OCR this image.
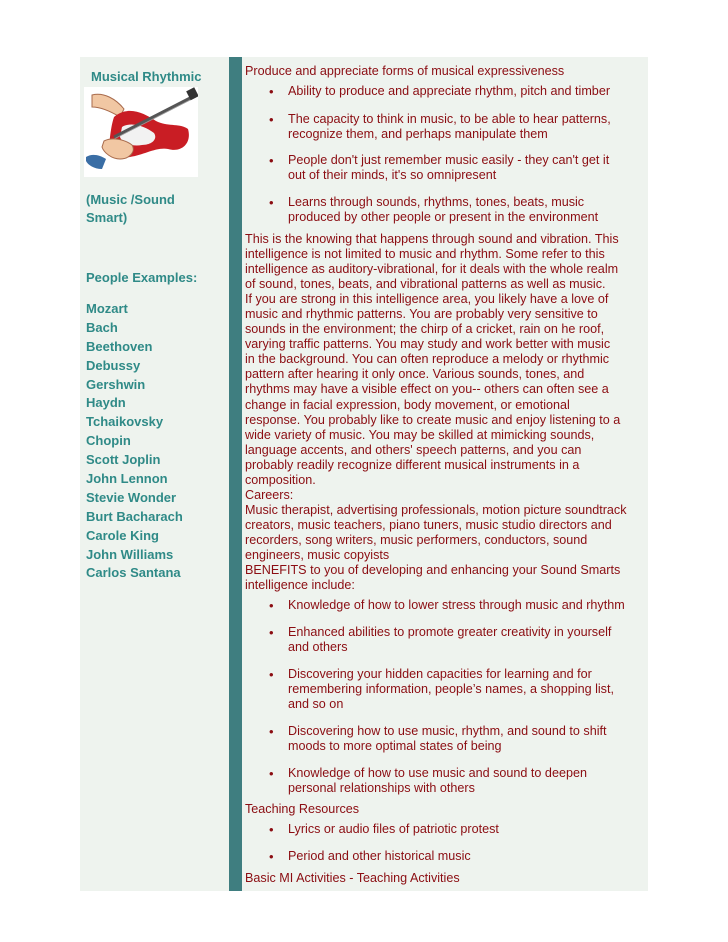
Musical Rhythmic
(Music /Sound
Smart)
People Examples:
Mozart
Bach
Beethoven
Debussy
Gershwin
Haydn
Tchaikovsky
Chopin
Scott Joplin
John Lennon
Stevie Wonder
Burt Bacharach
Carole King
John Williams
Carlos Santana
Produce and appreciate forms of musical expressiveness
• Ability to produce and appreciate rhythm, pitch and timber
• The capacity to think in music, to be able to hear patterns,
recognize them, and perhaps manipulate them
• People don't just remember music easily - they can't get it
out of their minds, it's so omnipresent
• Learns through sounds, rhythms, tones, beats, music
produced by other people or present in the environment
This is the knowing that happens through sound and vibration. This
intelligence is not limited to music and rhythm. Some refer to this
intelligence as auditory-vibrational, for it deals with the whole realm
of sound, tones, beats, and vibrational patterns as well as music.
If you are strong in this intelligence area, you likely have a love of
music and rhythmic patterns. You are probably very sensitive to
sounds in the environment; the chirp of a cricket, rain on he roof,
varying traffic patterns. You may study and work better with music
in the background. You can often reproduce a melody or rhythmic
pattern after hearing it only once. Various sounds, tones, and
rhythms may have a visible effect on you-- others can often see a
change in facial expression, body movement, or emotional
response. You probably like to create music and enjoy listening to a
wide variety of music. You may be skilled at mimicking sounds,
language accents, and others' speech patterns, and you can
probably readily recognize different musical instruments in a
composition.
Careers:
Music therapist, advertising professionals, motion picture soundtrack
creators, music teachers, piano tuners, music studio directors and
recorders, song writers, music performers, conductors, sound
engineers, music copyists
BENEFITS to you of developing and enhancing your Sound Smarts
intelligence include:
• Knowledge of how to lower stress through music and rhythm
• Enhanced abilities to promote greater creativity in yourself
and others
• Discovering your hidden capacities for learning and for
remembering information, people’s names, a shopping list,
and so on
• Discovering how to use music, rhythm, and sound to shift
moods to more optimal states of being
• Knowledge of how to use music and sound to deepen
personal relationships with others
Teaching Resources
• Lyrics or audio files of patriotic protest
• Period and other historical music
Basic MI Activities - Teaching Activities
